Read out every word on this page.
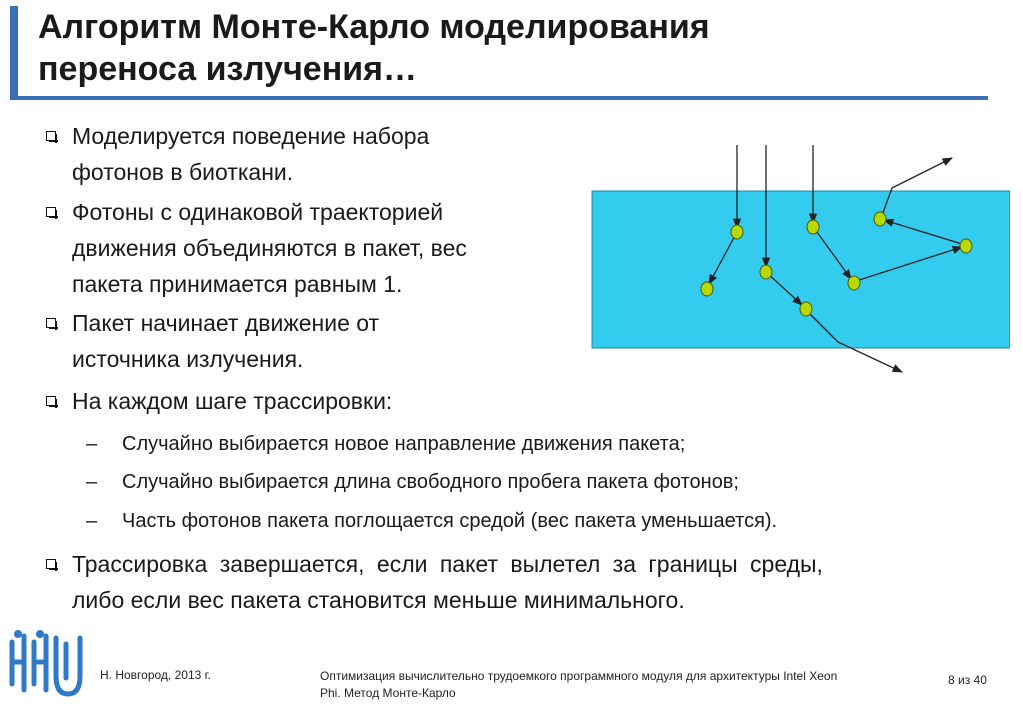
Алгоритм Монте-Карло моделирования
переноса излучения…
Моделируется поведение набора
фотонов в биоткани.
Фотоны с одинаковой траекторией
движения объединяются в пакет, вес
пакета принимается равным 1.
Пакет начинает движение от
источника излучения.
На каждом шаге трассировки:
– Случайно выбирается новое направление движения пакета;
– Случайно выбирается длина свободного пробега пакета фотонов;
– Часть фотонов пакета поглощается средой (вес пакета уменьшается).
Трассировка завершается, если пакет вылетел за границы среды,
либо если вес пакета становится меньше минимального.
Н. Новгород, 2013 г.	Оптимизация вычислительно трудоемкого программного модуля для архитектуры Intel Xeon
Phi. Метод Монте-Карло
8 из 40
